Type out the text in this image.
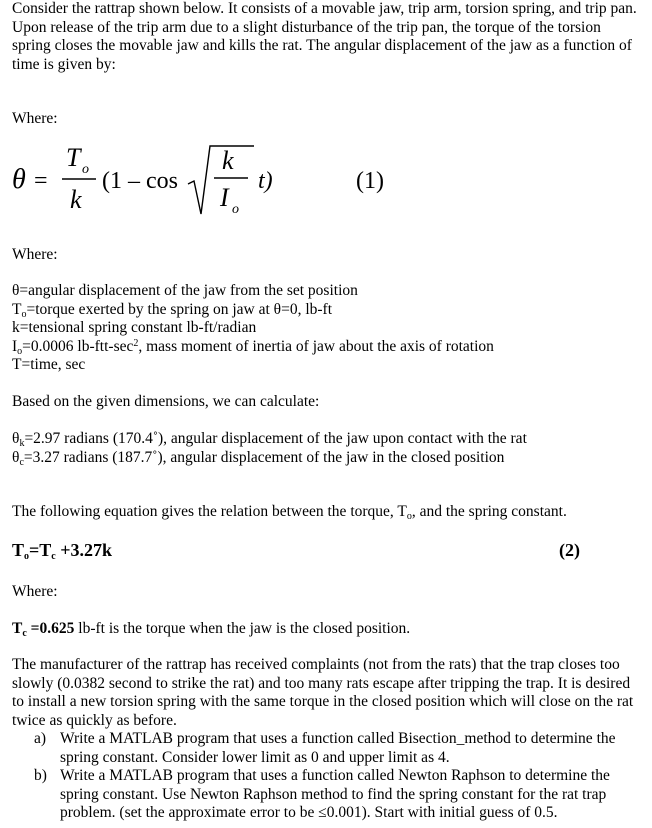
Consider the rattrap shown below. It consists of a movable jaw, trip arm, torsion spring, and trip pan. Upon release of the trip arm due to a slight disturbance of the trip pan, the torque of the torsion spring closes the movable jaw and kills the rat. The angular displacement of the jaw as a function of time is given by:

Where:

θ =
T o
k
(1 – cos
k
I o
t)	(1)

Where:

θ=angular displacement of the jaw from the set position

$T_o=torque$ exerted by the spring on jaw at θ=0, lb-ft

k=tensional spring constant lb-ft/radian

$I_o=0.0006$ $lb-ftt-\sec^2$, mass moment of inertia of jaw about the axis of rotation

T=time, sec

Based on the given dimensions, we can calculate:

$\theta_k=2.97$ radians (170.4˚), angular displacement of the jaw upon contact with the rat

$\theta_c=3.27$ radians (187.7˚), angular displacement of the jaw in the closed position

The following equation gives the relation between the torque, $T_o$, and the spring constant.

$T_o=T_c +3.27k$	(2)

Where:

$T_c =0.625$ lb-ft is the torque when the jaw is the closed position.

The manufacturer of the rattrap has received complaints (not from the rats) that the trap closes too slowly (0.0382 second to strike the rat) and too many rats escape after tripping the trap. It is desired to install a new torsion spring with the same torque in the closed position which will close on the rat twice as quickly as before.

a) Write a MATLAB program that uses a function called Bisection_method to determine the spring constant. Consider lower limit as 0 and upper limit as 4.

b) Write a MATLAB program that uses a function called Newton Raphson to determine the spring constant. Use Newton Raphson method to find the spring constant for the rat trap problem. (set the approximate error to be ≤0.001). Start with initial guess of 0.5.
